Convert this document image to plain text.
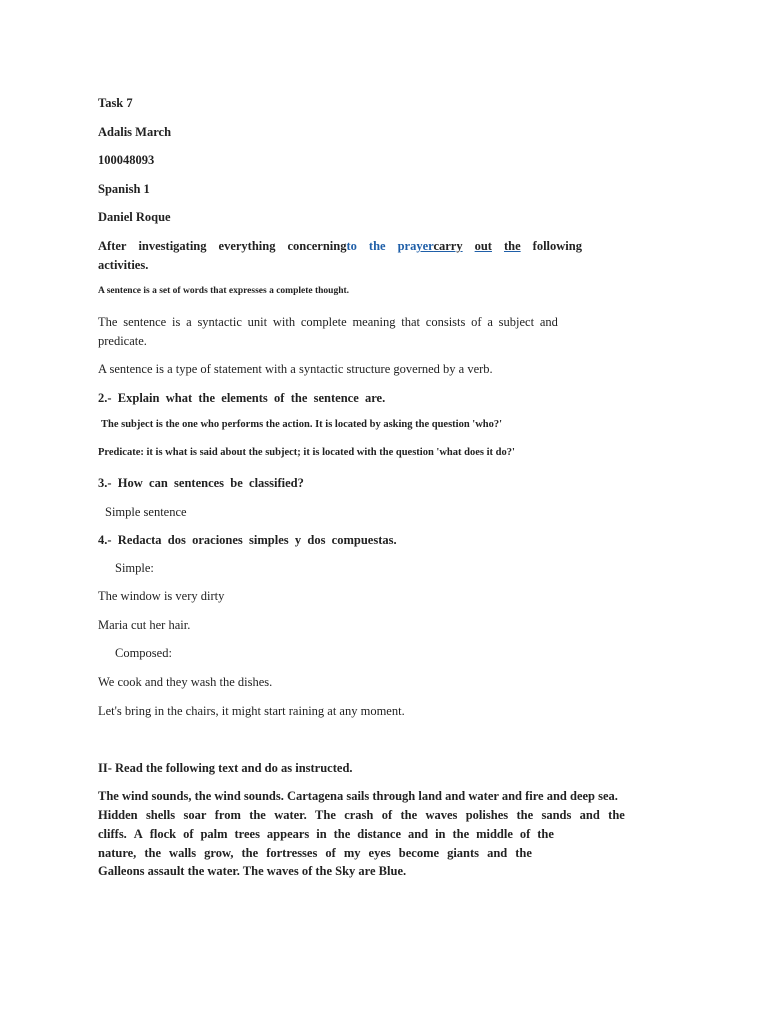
Task 7
Adalis March
100048093
Spanish 1
Daniel Roque
After investigating everything concerningto the prayercarry out the following
activities.
A sentence is a set of words that expresses a complete thought.
The sentence is a syntactic unit with complete meaning that consists of a subject and
predicate.
A sentence is a type of statement with a syntactic structure governed by a verb.
2.-  Explain  what  the  elements  of  the  sentence  are.
The subject is the one who performs the action. It is located by asking the question 'who?'
Predicate: it is what is said about the subject; it is located with the question 'what does it do?'
3.-  How  can  sentences  be  classified?
Simple sentence
4.-  Redacta  dos  oraciones  simples  y  dos  compuestas.
Simple:
The window is very dirty
Maria cut her hair.
Composed:
We cook and they wash the dishes.
Let's bring in the chairs, it might start raining at any moment.
II- Read the following text and do as instructed.
The wind sounds, the wind sounds. Cartagena sails through land and water and fire and deep sea.
Hidden shells soar from the water. The crash of the waves polishes the sands and the
cliffs. A flock of palm trees appears in the distance and in the middle of the
nature, the walls grow, the fortresses of my eyes become giants and the
Galleons assault the water. The waves of the Sky are Blue.
